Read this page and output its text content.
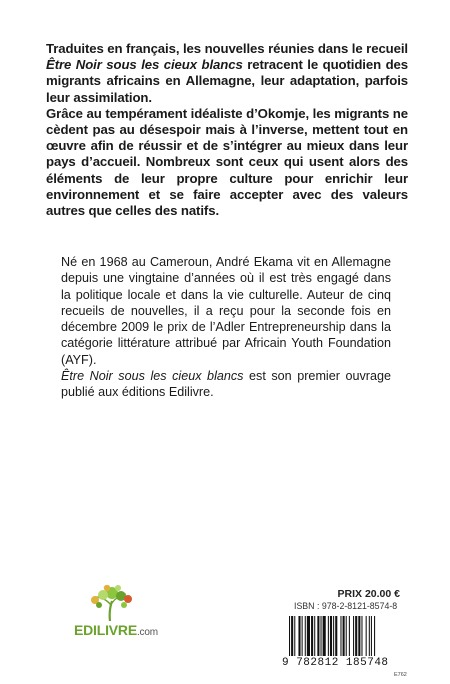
Traduites en français, les nouvelles réunies dans le recueil Être Noir sous les cieux blancs retracent le quotidien des migrants africains en Allemagne, leur adaptation, parfois leur assimilation.

Grâce au tempérament idéaliste d’Okomje, les migrants ne cèdent pas au désespoir mais à l’inverse, mettent tout en œuvre afin de réussir et de s’intégrer au mieux dans leur pays d’accueil. Nombreux sont ceux qui usent alors des éléments de leur propre culture pour enrichir leur environnement et se faire accepter avec des valeurs autres que celles des natifs.

Né en 1968 au Cameroun, André Ekama vit en Allemagne depuis une vingtaine d’années où il est très engagé dans la politique locale et dans la vie culturelle. Auteur de cinq recueils de nouvelles, il a reçu pour la seconde fois en décembre 2009 le prix de l’Adler Entrepreneurship dans la catégorie littérature attribué par Africain Youth Foundation (AYF).

Être Noir sous les cieux blancs est son premier ouvrage publié aux éditions Edilivre.

EDILIVRE.com
PRIX 20.00 €
ISBN : 978-2-8121-8574-8
9 782812 185748
E762
